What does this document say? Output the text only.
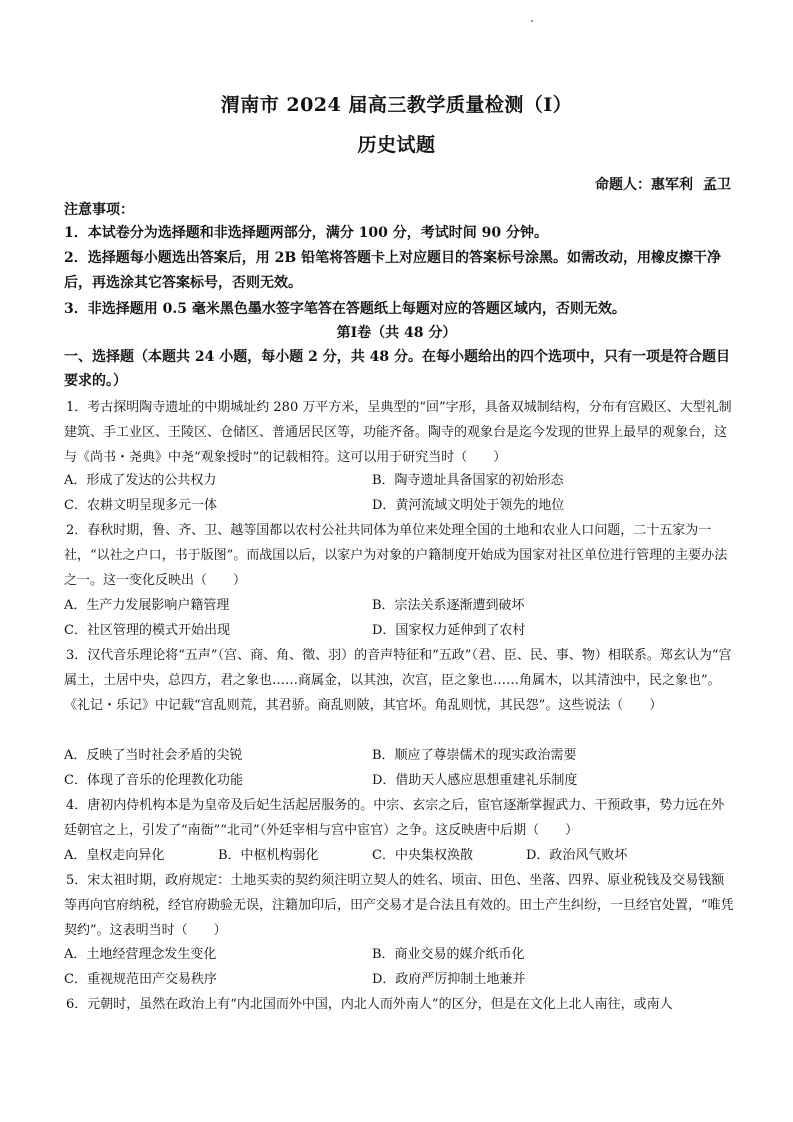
渭南市 2024 届高三教学质量检测（Ⅰ）
历史试题
命题人：惠军利 孟卫
注意事项：
1．本试卷分为选择题和非选择题两部分，满分 100 分，考试时间 90 分钟。
2．选择题每小题选出答案后，用 2B 铅笔将答题卡上对应题目的答案标号涂黑。如需改动，用橡皮擦干净后，再选涂其它答案标号，否则无效。
3．非选择题用 0.5 毫米黑色墨水签字笔答在答题纸上每题对应的答题区域内，否则无效。
第Ⅰ卷（共 48 分）
一、选择题（本题共 24 小题，每小题 2 分，共 48 分。在每小题给出的四个选项中，只有一项是符合题目要求的。）
1．考古探明陶寺遗址的中期城址约 280 万平方米，呈典型的“回”字形，具备双城制结构，分布有宫殿区、大型礼制建筑、手工业区、王陵区、仓储区、普通居民区等，功能齐备。陶寺的观象台是迄今发现的世界上最早的观象台，这与《尚书・尧典》中尧“观象授时”的记载相符。这可以用于研究当时（　　）
A．形成了发达的公共权力	B．陶寺遗址具备国家的初始形态
C．农耕文明呈现多元一体	D．黄河流域文明处于领先的地位
2．春秋时期，鲁、齐、卫、越等国都以农村公社共同体为单位来处理全国的土地和农业人口问题，二十五家为一社，“以社之户口，书于版图”。而战国以后，以家户为对象的户籍制度开始成为国家对社区单位进行管理的主要办法之一。这一变化反映出（　　）
A．生产力发展影响户籍管理	B．宗法关系逐渐遭到破坏
C．社区管理的模式开始出现	D．国家权力延伸到了农村
3．汉代音乐理论将“五声”（宫、商、角、徵、羽）的音声特征和“五政”（君、臣、民、事、物）相联系。郑玄认为“宫属土，土居中央，总四方，君之象也……商属金，以其浊，次宫，臣之象也……角属木，以其清浊中，民之象也”。《礼记・乐记》中记载“宫乱则荒，其君骄。商乱则陂，其官坏。角乱则忧，其民怨”。这些说法（　　）
A．反映了当时社会矛盾的尖锐	B．顺应了尊崇儒术的现实政治需要
C．体现了音乐的伦理教化功能	D．借助天人感应思想重建礼乐制度
4．唐初内侍机构本是为皇帝及后妃生活起居服务的。中宗、玄宗之后，宦官逐渐掌握武力、干预政事，势力远在外廷朝官之上，引发了“南衙”“北司”（外廷宰相与宫中宦官）之争。这反映唐中后期（　　）
A．皇权走向异化	B．中枢机构弱化	C．中央集权涣散	D．政治风气败坏
5．宋太祖时期，政府规定：土地买卖的契约须注明立契人的姓名、顷亩、田色、坐落、四界、原业税钱及交易钱额等再向官府纳税，经官府勘验无误，注籍加印后，田产交易才是合法且有效的。田土产生纠纷，一旦经官处置，“唯凭契约”。这表明当时（　　）
A．土地经营理念发生变化	B．商业交易的媒介纸币化
C．重视规范田产交易秩序	D．政府严厉抑制土地兼并
6．元朝时，虽然在政治上有“内北国而外中国，内北人而外南人”的区分，但是在文化上北人南往，或南人
